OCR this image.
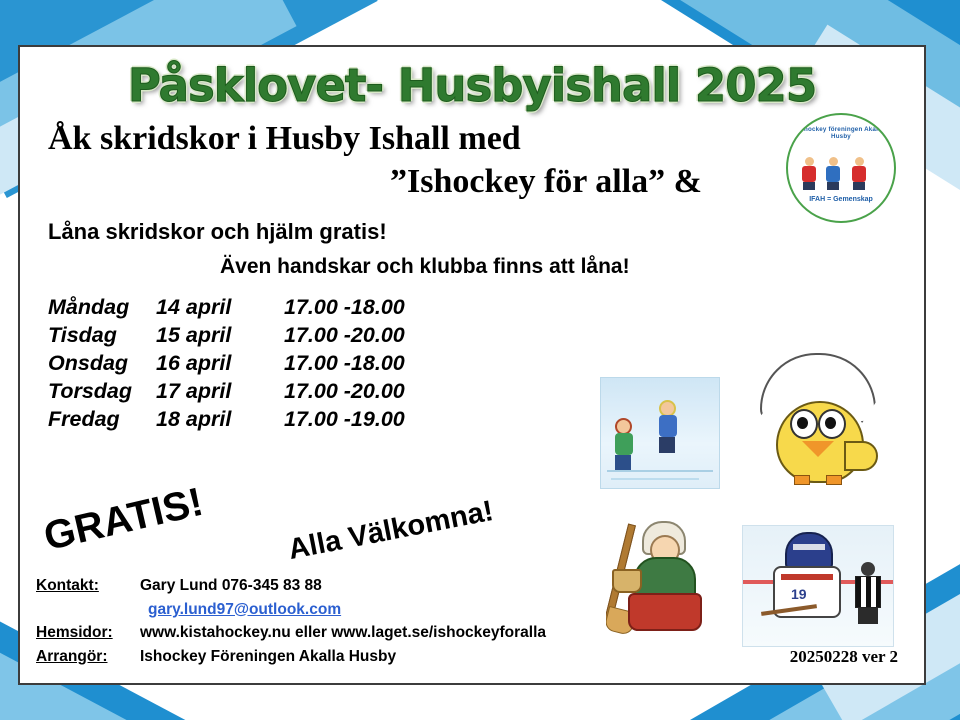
Påsklovet- Husbyishall 2025
Ishockey föreningen Akalla Husby
IFAH = Gemenskap
Åk skridskor i Husby Ishall med
”Ishockey för alla” &
Låna skridskor och hjälm gratis!
Även handskar och klubba finns att låna!
Måndag	14 april	17.00 -18.00
Tisdag	15 april	17.00 -20.00
Onsdag	16 april	17.00 -18.00
Torsdag	17 april	17.00 -20.00
Fredag	18 april	17.00 -19.00
GRATIS!	Alla Välkomna!
19
Kontakt:	Gary Lund 076-345 83 88
	gary.lund97@outlook.com
Hemsidor:	www.kistahockey.nu eller www.laget.se/ishockeyforalla
Arrangör:	Ishockey Föreningen Akalla Husby	20250228 ver 2
